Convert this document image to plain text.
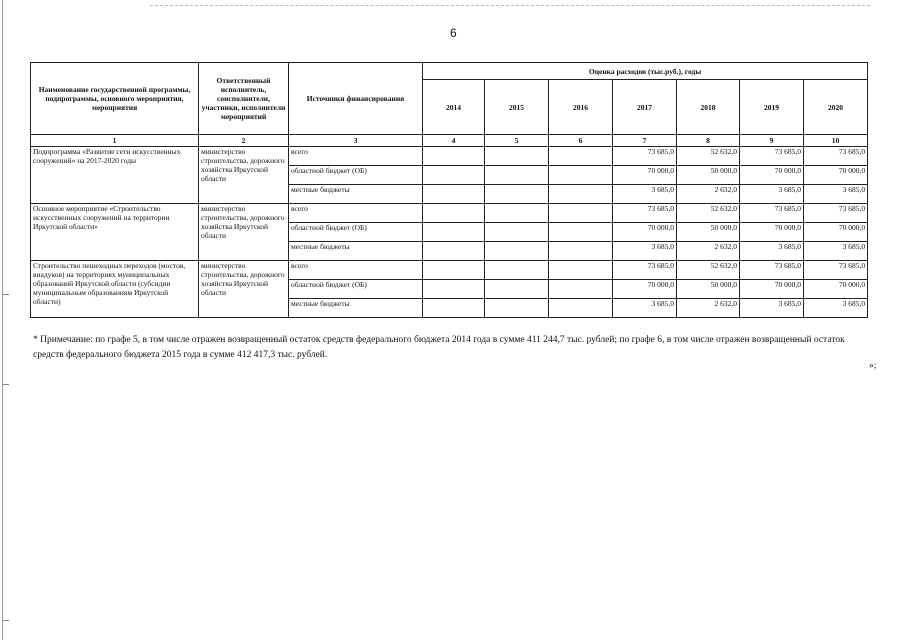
6
Наименование государственной программы, подпрограммы, основного мероприятия, мероприятия	Ответственный исполнитель, соисполнители, участники, исполнители мероприятий	Источники финансирования	Оценка расходов (тыс.руб.), годы						
			2014	2015	2016	2017	2018	2019	2020
1	2	3	4	5	6	7	8	9	10
Подпрограмма «Развитие сети искусственных сооружений» на 2017-2020 годы	министерство строительства, дорожного хозяйства Иркутской области	всего				73 685,0	52 632,0	73 685,0	73 685,0
		областной бюджет (ОБ)				70 000,0	50 000,0	70 000,0	70 000,0
		местные бюджеты				3 685,0	2 632,0	3 685,0	3 685,0
Основное мероприятие «Строительство искусственных сооружений на территории Иркутской области»	министерство строительства, дорожного хозяйства Иркутской области	всего				73 685,0	52 632,0	73 685,0	73 685,0
		областной бюджет (ОБ)				70 000,0	50 000,0	70 000,0	70 000,0
		местные бюджеты				3 685,0	2 632,0	3 685,0	3 685,0
Строительство пешеходных переходов (мостов, виадуков) на территориях муниципальных образований Иркутской области (субсидии муниципальным образованиям Иркутской области)	министерство строительства, дорожного хозяйства Иркутской области	всего				73 685,0	52 632,0	73 685,0	73 685,0
		областной бюджет (ОБ)				70 000,0	50 000,0	70 000,0	70 000,0
		местные бюджеты				3 685,0	2 632,0	3 685,0	3 685,0
* Примечание: по графе 5, в том числе отражен возвращенный остаток средств федерального бюджета 2014 года в сумме 411 244,7 тыс. рублей; по графе 6, в том числе отражен возвращенный остаток средств федерального бюджета 2015 года в сумме 412 417,3 тыс. рублей.
»;
